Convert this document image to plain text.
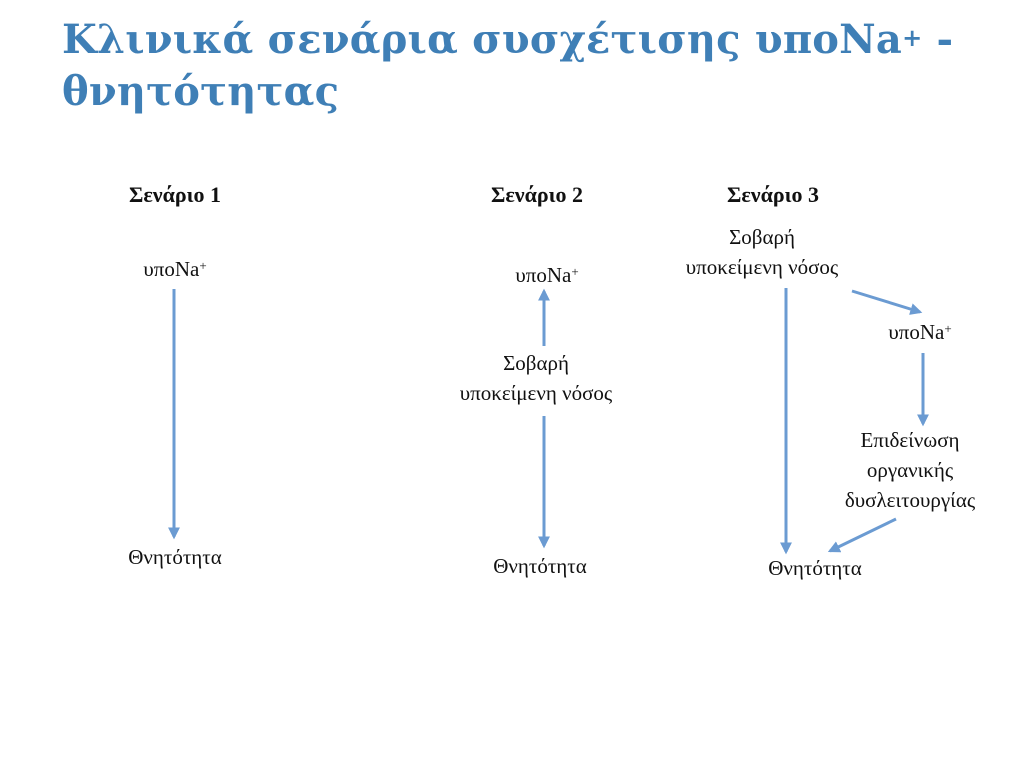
Κλινικά σενάρια συσχέτισης υποNa+ -
θνητότητας
Σενάριο 1
υποNa+
Θνητότητα
Σενάριο 2
υποNa+
Σοβαρή
υποκείμενη νόσος
Θνητότητα
Σενάριο 3
Σοβαρή
υποκείμενη νόσος
υποNa+
Επιδείνωση
οργανικής
δυσλειτουργίας
Θνητότητα
